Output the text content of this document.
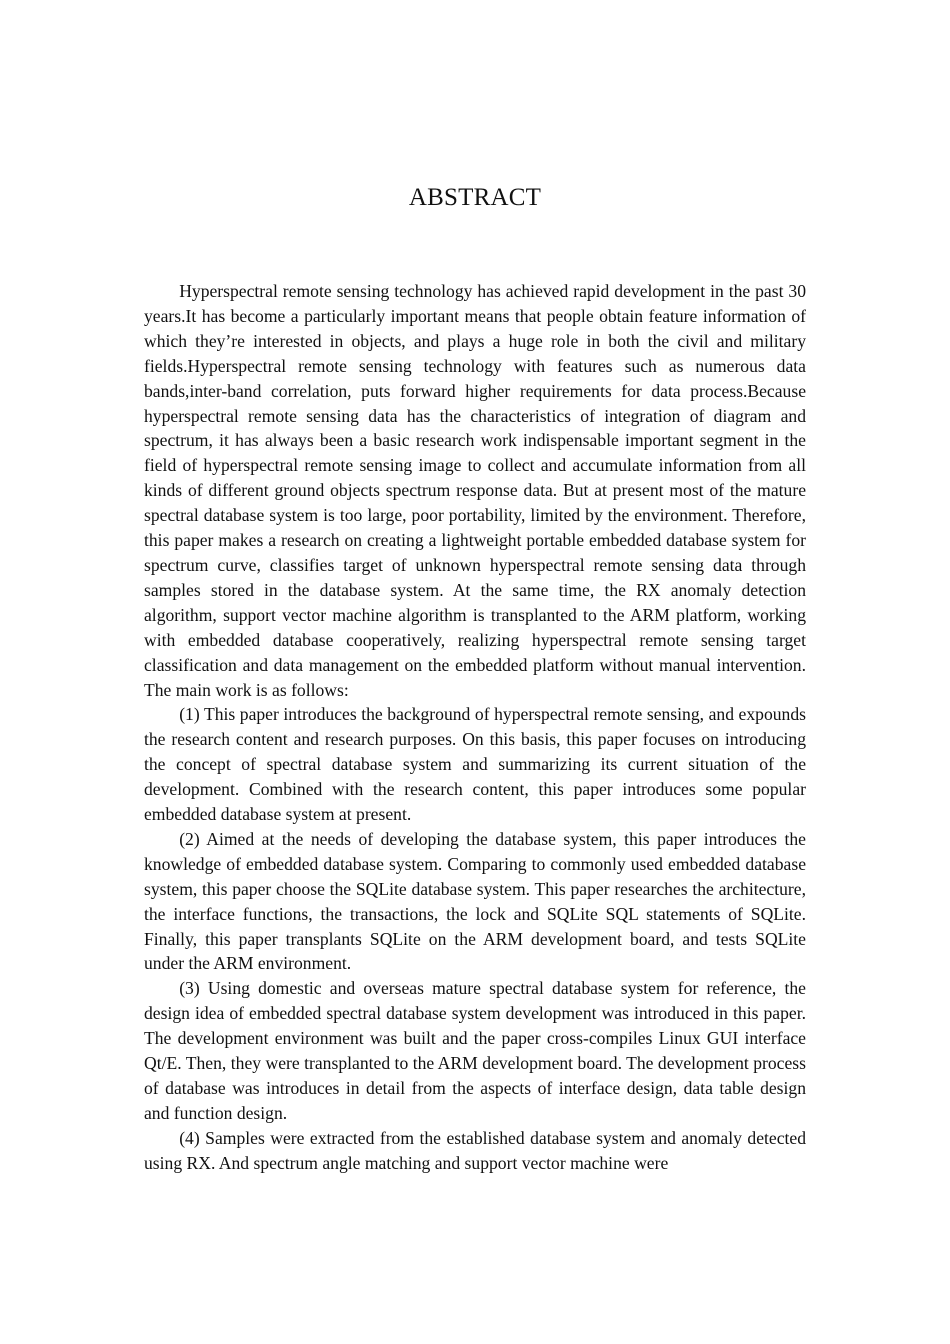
ABSTRACT

Hyperspectral remote sensing technology has achieved rapid development in the past 30 years.It has become a particularly important means that people obtain feature information of which they’re interested in objects, and plays a huge role in both the civil and military fields.Hyperspectral remote sensing technology with features such as numerous data bands,inter-band correlation, puts forward higher requirements for data process.Because hyperspectral remote sensing data has the characteristics of integration of diagram and spectrum, it has always been a basic research work indispensable important segment in the field of hyperspectral remote sensing image to collect and accumulate information from all kinds of different ground objects spectrum response data. But at present most of the mature spectral database system is too large, poor portability, limited by the environment. Therefore, this paper makes a research on creating a lightweight portable embedded database system for spectrum curve, classifies target of unknown hyperspectral remote sensing data through samples stored in the database system. At the same time, the RX anomaly detection algorithm, support vector machine algorithm is transplanted to the ARM platform, working with embedded database cooperatively, realizing hyperspectral remote sensing target classification and data management on the embedded platform without manual intervention. The main work is as follows:

(1) This paper introduces the background of hyperspectral remote sensing, and expounds the research content and research purposes. On this basis, this paper focuses on introducing the concept of spectral database system and summarizing its current situation of the development. Combined with the research content, this paper introduces some popular embedded database system at present.

(2) Aimed at the needs of developing the database system, this paper introduces the knowledge of embedded database system. Comparing to commonly used embedded database system, this paper choose the SQLite database system. This paper researches the architecture, the interface functions, the transactions, the lock and SQLite SQL statements of SQLite. Finally, this paper transplants SQLite on the ARM development board, and tests SQLite under the ARM environment.

(3) Using domestic and overseas mature spectral database system for reference, the design idea of embedded spectral database system development was introduced in this paper. The development environment was built and the paper cross-compiles Linux GUI interface Qt/E. Then, they were transplanted to the ARM development board. The development process of database was introduces in detail from the aspects of interface design, data table design and function design.

(4) Samples were extracted from the established database system and anomaly detected using RX. And spectrum angle matching and support vector machine were
